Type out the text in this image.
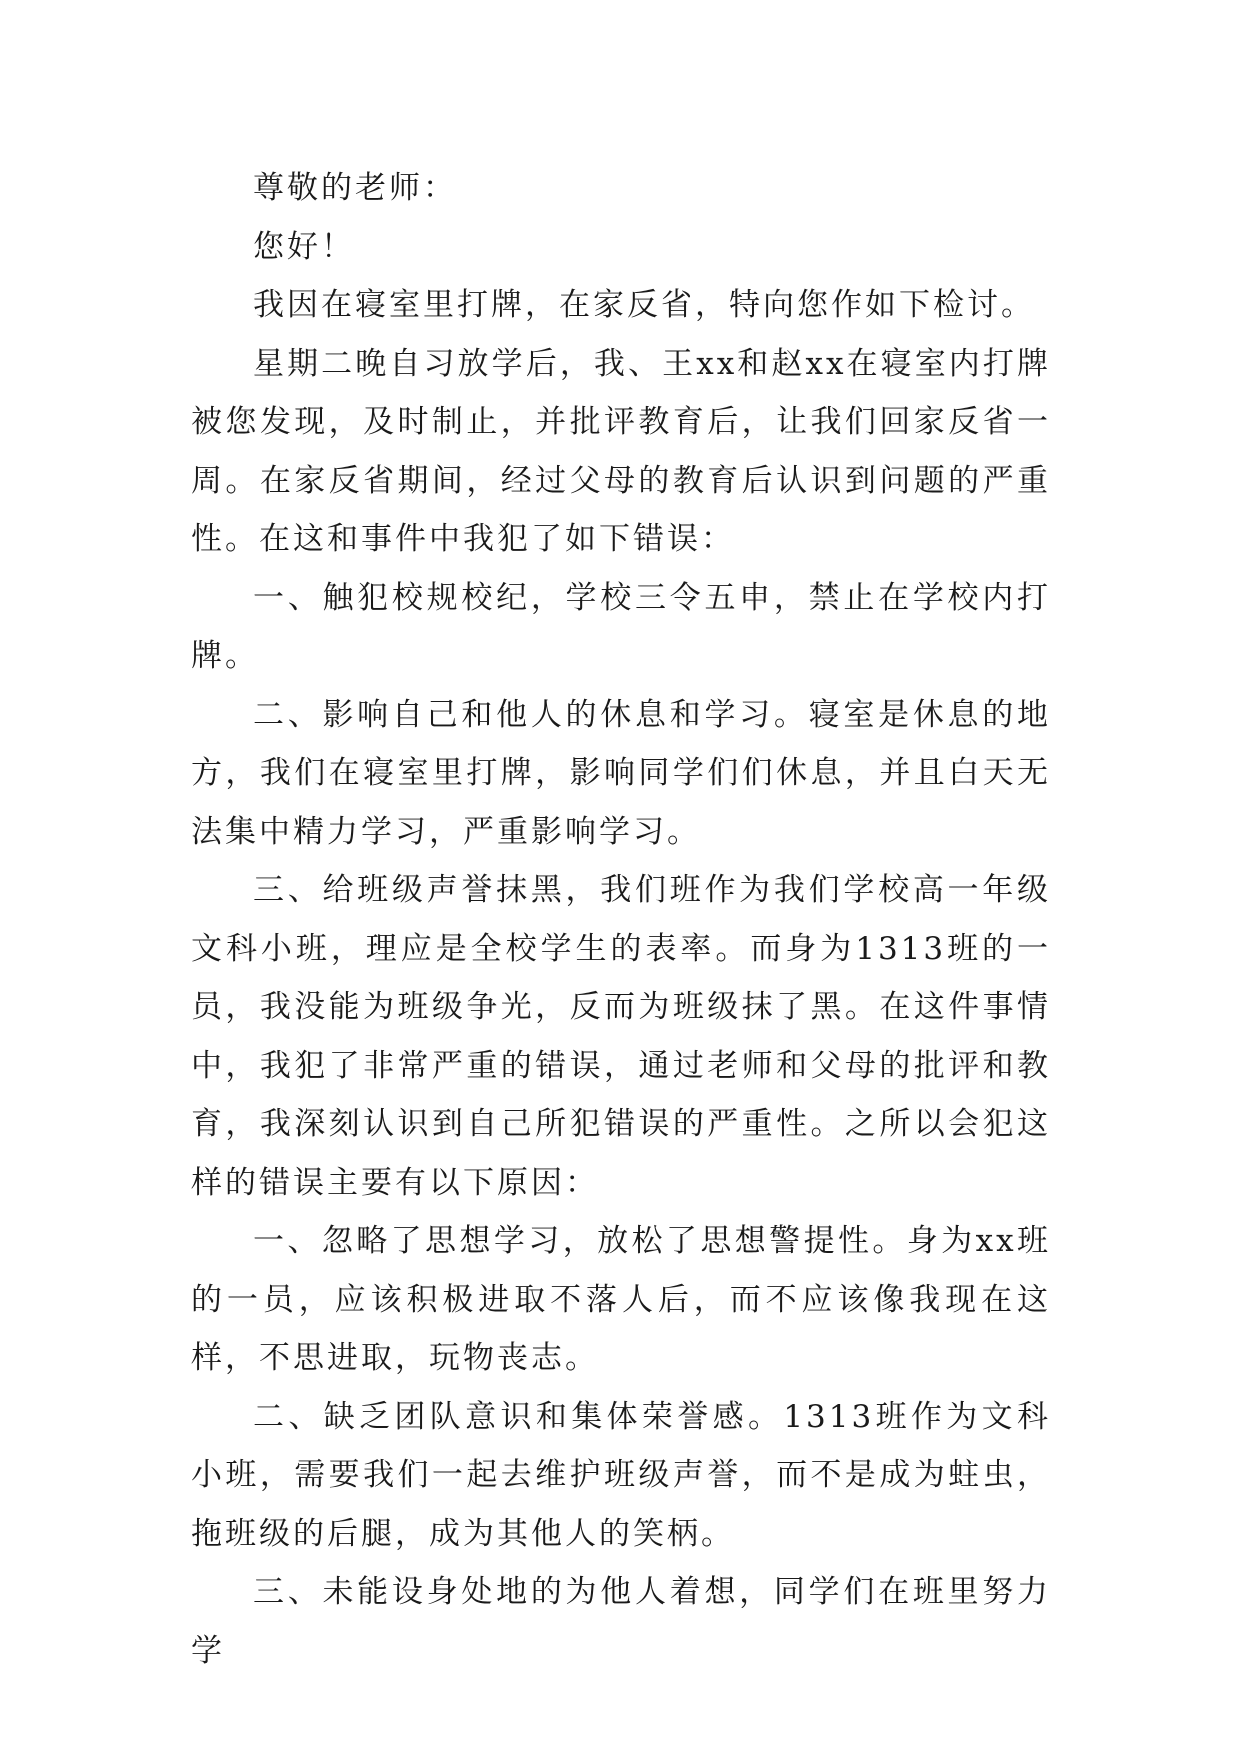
尊敬的老师：

您好！

我因在寝室里打牌，在家反省，特向您作如下检讨。

星期二晚自习放学后，我、王xx和赵xx在寝室内打牌被您发现，及时制止，并批评教育后，让我们回家反省一周。在家反省期间，经过父母的教育后认识到问题的严重性。在这和事件中我犯了如下错误：

一、触犯校规校纪，学校三令五申，禁止在学校内打牌。

二、影响自己和他人的休息和学习。寝室是休息的地方，我们在寝室里打牌，影响同学们们休息，并且白天无法集中精力学习，严重影响学习。

三、给班级声誉抹黑，我们班作为我们学校高一年级文科小班，理应是全校学生的表率。而身为1313班的一员，我没能为班级争光，反而为班级抹了黑。在这件事情中，我犯了非常严重的错误，通过老师和父母的批评和教育，我深刻认识到自己所犯错误的严重性。之所以会犯这样的错误主要有以下原因：

一、忽略了思想学习，放松了思想警提性。身为xx班的一员，应该积极进取不落人后，而不应该像我现在这样，不思进取，玩物丧志。

二、缺乏团队意识和集体荣誉感。1313班作为文科小班，需要我们一起去维护班级声誉，而不是成为蛀虫，拖班级的后腿，成为其他人的笑柄。

三、未能设身处地的为他人着想，同学们在班里努力学
